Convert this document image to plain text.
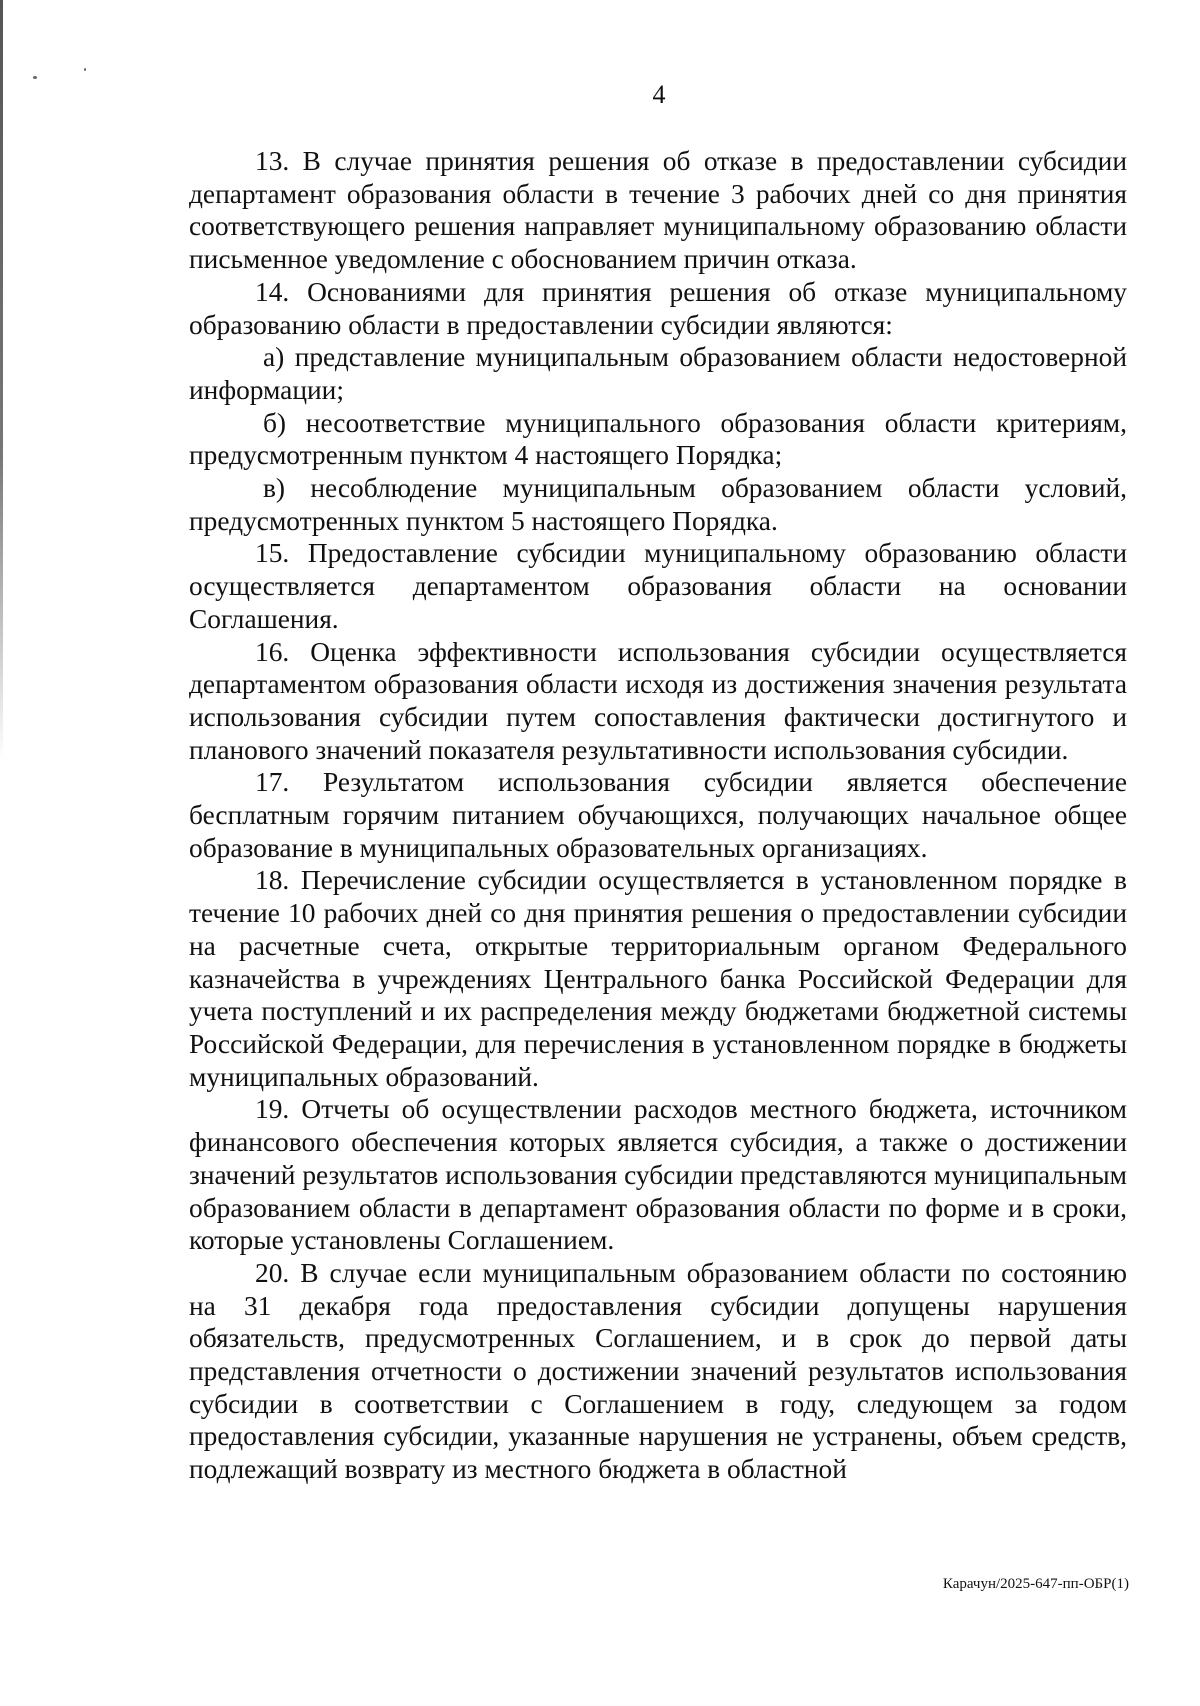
4

13. В случае принятия решения об отказе в предоставлении субсидии департамент образования области в течение 3 рабочих дней со дня принятия соответствующего решения направляет муниципальному образованию области письменное уведомление с обоснованием причин отказа.

14. Основаниями для принятия решения об отказе муниципальному образованию области в предоставлении субсидии являются:

а) представление муниципальным образованием области недостоверной информации;

б) несоответствие муниципального образования области критериям, предусмотренным пунктом 4 настоящего Порядка;

в) несоблюдение муниципальным образованием области условий, предусмотренных пунктом 5 настоящего Порядка.

15. Предоставление субсидии муниципальному образованию области осуществляется департаментом образования области на основании Соглашения.

16. Оценка эффективности использования субсидии осуществляется департаментом образования области исходя из достижения значения результата использования субсидии путем сопоставления фактически достигнутого и планового значений показателя результативности использования субсидии.

17. Результатом использования субсидии является обеспечение бесплатным горячим питанием обучающихся, получающих начальное общее образование в муниципальных образовательных организациях.

18. Перечисление субсидии осуществляется в установленном порядке в течение 10 рабочих дней со дня принятия решения о предоставлении субсидии на расчетные счета, открытые территориальным органом Федерального казначейства в учреждениях Центрального банка Российской Федерации для учета поступлений и их распределения между бюджетами бюджетной системы Российской Федерации, для перечисления в установленном порядке в бюджеты муниципальных образований.

19. Отчеты об осуществлении расходов местного бюджета, источником финансового обеспечения которых является субсидия, а также о достижении значений результатов использования субсидии представляются муниципальным образованием области в департамент образования области по форме и в сроки, которые установлены Соглашением.

20. В случае если муниципальным образованием области по состоянию на 31 декабря года предоставления субсидии допущены нарушения обязательств, предусмотренных Соглашением, и в срок до первой даты представления отчетности о достижении значений результатов использования субсидии в соответствии с Соглашением в году, следующем за годом предоставления субсидии, указанные нарушения не устранены, объем средств, подлежащий возврату из местного бюджета в областной

Карачун/2025-647-пп-ОБР(1)
